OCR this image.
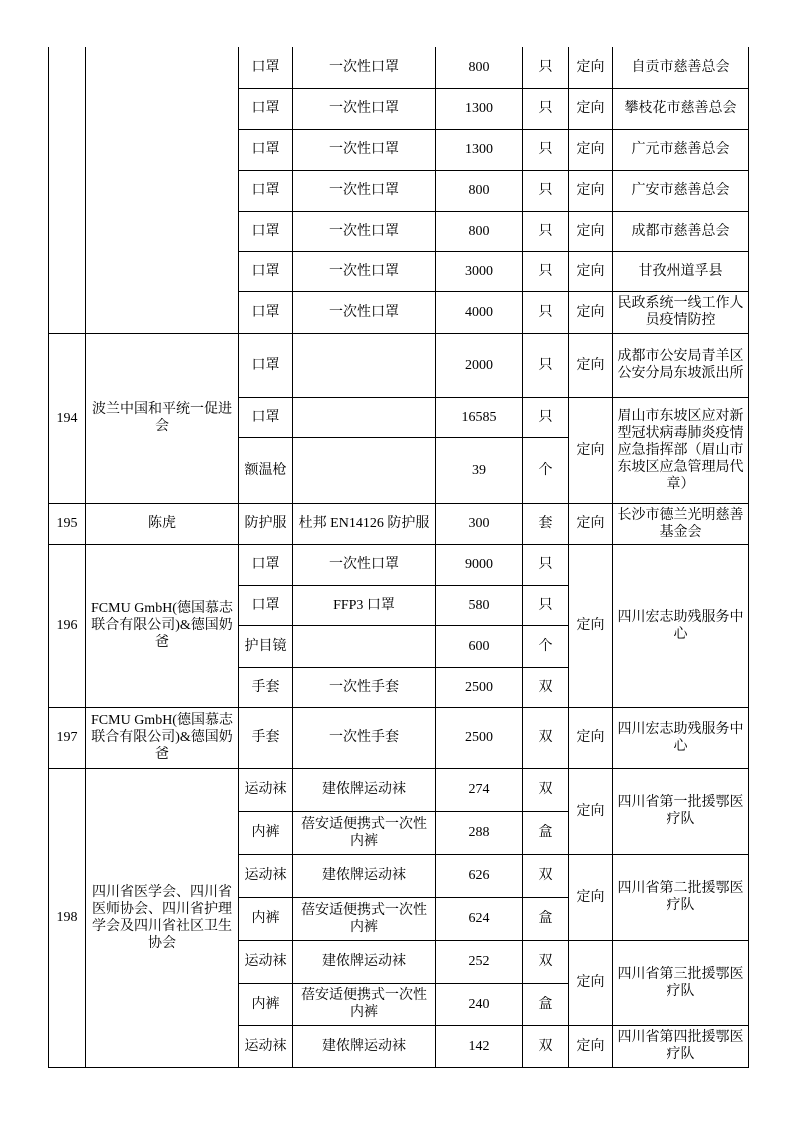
		口罩	一次性口罩	800	只	定向	自贡市慈善总会
		口罩	一次性口罩	1300	只	定向	攀枝花市慈善总会
		口罩	一次性口罩	1300	只	定向	广元市慈善总会
		口罩	一次性口罩	800	只	定向	广安市慈善总会
		口罩	一次性口罩	800	只	定向	成都市慈善总会
		口罩	一次性口罩	3000	只	定向	甘孜州道孚县
		口罩	一次性口罩	4000	只	定向	民政系统一线工作人员疫情防控
194	波兰中国和平统一促进会	口罩		2000	只	定向	成都市公安局青羊区公安分局东坡派出所
		口罩		16585	只	定向	眉山市东坡区应对新型冠状病毒肺炎疫情应急指挥部（眉山市东坡区应急管理局代章）
		额温枪		39	个		
195	陈虎	防护服	杜邦 EN14126 防护服	300	套	定向	长沙市德兰光明慈善基金会
196	FCMU GmbH(德国慕志联合有限公司)&德国奶爸	口罩	一次性口罩	9000	只	定向	四川宏志助残服务中心
		口罩	FFP3 口罩	580	只		
		护目镜		600	个		
		手套	一次性手套	2500	双		
197	FCMU GmbH(德国慕志联合有限公司)&德国奶爸	手套	一次性手套	2500	双	定向	四川宏志助残服务中心
198	四川省医学会、四川省医师协会、四川省护理学会及四川省社区卫生协会	运动袜	建侬牌运动袜	274	双	定向	四川省第一批援鄂医疗队
		内裤	蓓安适便携式一次性内裤	288	盒		
		运动袜	建侬牌运动袜	626	双	定向	四川省第二批援鄂医疗队
		内裤	蓓安适便携式一次性内裤	624	盒		
		运动袜	建侬牌运动袜	252	双	定向	四川省第三批援鄂医疗队
		内裤	蓓安适便携式一次性内裤	240	盒		
		运动袜	建侬牌运动袜	142	双	定向	四川省第四批援鄂医疗队
